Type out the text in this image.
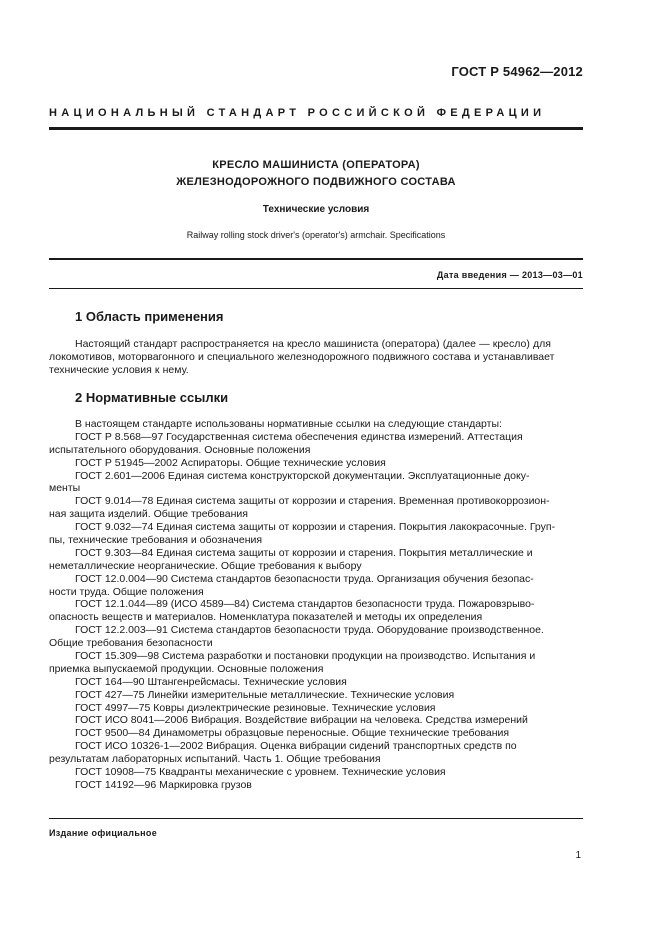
ГОСТ Р 54962—2012
НАЦИОНАЛЬНЫЙ СТАНДАРТ РОССИЙСКОЙ ФЕДЕРАЦИИ
КРЕСЛО МАШИНИСТА (ОПЕРАТОРА)
ЖЕЛЕЗНОДОРОЖНОГО ПОДВИЖНОГО СОСТАВА
Технические условия
Railway rolling stock driver's (operator's) armchair. Specifications
Дата введения — 2013—03—01
1 Область применения
Настоящий стандарт распространяется на кресло машиниста (оператора) (далее — кресло) для
локомотивов, моторвагонного и специального железнодорожного подвижного состава и устанавливает
технические условия к нему.
2 Нормативные ссылки
В настоящем стандарте использованы нормативные ссылки на следующие стандарты:
ГОСТ Р 8.568—97 Государственная система обеспечения единства измерений. Аттестация
испытательного оборудования. Основные положения
ГОСТ Р 51945—2002 Аспираторы. Общие технические условия
ГОСТ 2.601—2006 Единая система конструкторской документации. Эксплуатационные доку-
менты
ГОСТ 9.014—78 Единая система защиты от коррозии и старения. Временная противокоррозион-
ная защита изделий. Общие требования
ГОСТ 9.032—74 Единая система защиты от коррозии и старения. Покрытия лакокрасочные. Груп-
пы, технические требования и обозначения
ГОСТ 9.303—84 Единая система защиты от коррозии и старения. Покрытия металлические и
неметаллические неорганические. Общие требования к выбору
ГОСТ 12.0.004—90 Система стандартов безопасности труда. Организация обучения безопас-
ности труда. Общие положения
ГОСТ 12.1.044—89 (ИСО 4589—84) Система стандартов безопасности труда. Пожаровзрыво-
опасность веществ и материалов. Номенклатура показателей и методы их определения
ГОСТ 12.2.003—91 Система стандартов безопасности труда. Оборудование производственное.
Общие требования безопасности
ГОСТ 15.309—98 Система разработки и постановки продукции на производство. Испытания и
приемка выпускаемой продукции. Основные положения
ГОСТ 164—90 Штангенрейсмасы. Технические условия
ГОСТ 427—75 Линейки измерительные металлические. Технические условия
ГОСТ 4997—75 Ковры диэлектрические резиновые. Технические условия
ГОСТ ИСО 8041—2006 Вибрация. Воздействие вибрации на человека. Средства измерений
ГОСТ 9500—84 Динамометры образцовые переносные. Общие технические требования
ГОСТ ИСО 10326-1—2002 Вибрация. Оценка вибрации сидений транспортных средств по
результатам лабораторных испытаний. Часть 1. Общие требования
ГОСТ 10908—75 Квадранты механические с уровнем. Технические условия
ГОСТ 14192—96 Маркировка грузов
Издание официальное
1
